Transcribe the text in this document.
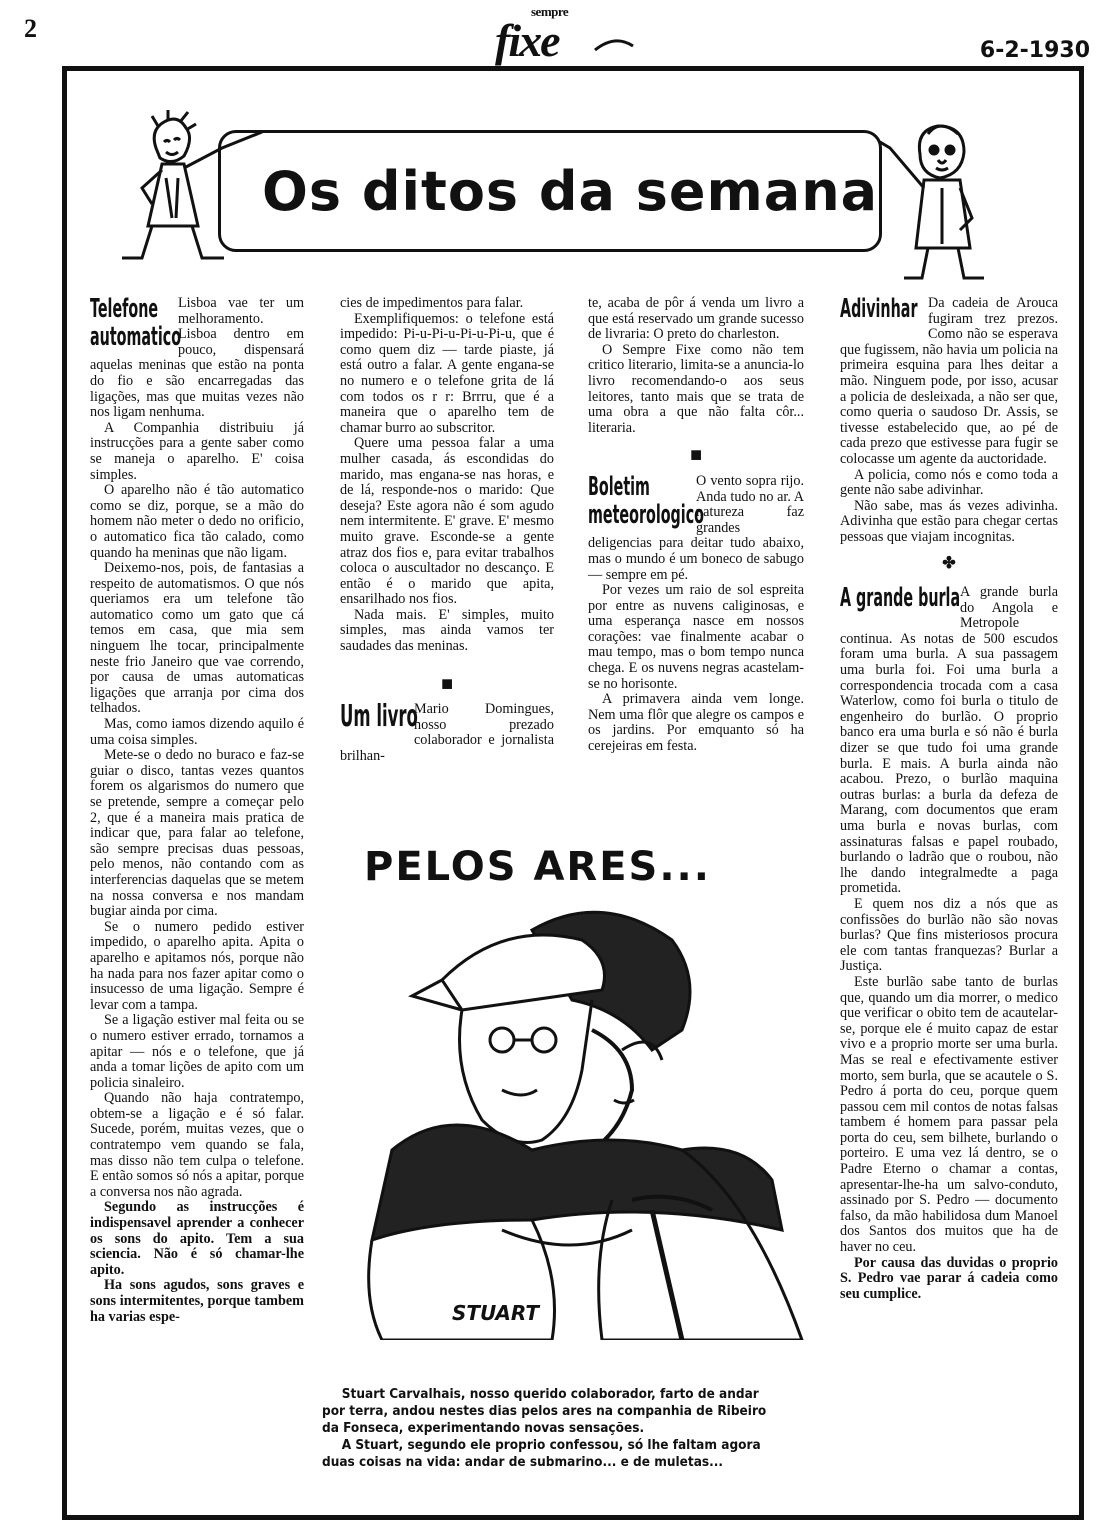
2
sempre
fixe	6-2-1930
Os ditos da semana
Telefone
automatico

Lisboa vae ter um melhoramento. Lisboa dentro em pouco, dispensará aquelas meninas que estão na ponta do fio e são encarregadas das ligações, mas que muitas vezes não nos ligam nenhuma.

A Companhia distribuiu já instrucções para a gente saber como se maneja o aparelho. E' coisa simples.

O aparelho não é tão automatico como se diz, porque, se a mão do homem não meter o dedo no orificio, o automatico fica tão calado, como quando ha meninas que não ligam.

Deixemo-nos, pois, de fantasias a respeito de automatismos. O que nós queriamos era um telefone tão automatico como um gato que cá temos em casa, que mia sem ninguem lhe tocar, principalmente neste frio Janeiro que vae correndo, por causa de umas automaticas ligações que arranja por cima dos telhados.

Mas, como iamos dizendo aquilo é uma coisa simples.

Mete-se o dedo no buraco e faz-se guiar o disco, tantas vezes quantos forem os algarismos do numero que se pretende, sempre a começar pelo 2, que é a maneira mais pratica de indicar que, para falar ao telefone, são sempre precisas duas pessoas, pelo menos, não contando com as interferencias daquelas que se metem na nossa conversa e nos mandam bugiar ainda por cima.

Se o numero pedido estiver impedido, o aparelho apita. Apita o aparelho e apitamos nós, porque não ha nada para nos fazer apitar como o insucesso de uma ligação. Sempre é levar com a tampa.

Se a ligação estiver mal feita ou se o numero estiver errado, tornamos a apitar — nós e o telefone, que já anda a tomar lições de apito com um policia sinaleiro.

Quando não haja contratempo, obtem-se a ligação e é só falar. Sucede, porém, muitas vezes, que o contratempo vem quando se fala, mas disso não tem culpa o telefone. E então somos só nós a apitar, porque a conversa nos não agrada.

Segundo as instrucções é indispensavel aprender a conhecer os sons do apito. Tem a sua sciencia. Não é só chamar-lhe apito.

Ha sons agudos, sons graves e sons intermitentes, porque tambem ha varias espe-

cies de impedimentos para falar.

Exemplifiquemos: o telefone está impedido: Pi-u-Pi-u-Pi-u-Pi-u, que é como quem diz — tarde piaste, já está outro a falar. A gente engana-se no numero e o telefone grita de lá com todos os r r: Brrru, que é a maneira que o aparelho tem de chamar burro ao subscritor.

Quere uma pessoa falar a uma mulher casada, ás escondidas do marido, mas engana-se nas horas, e de lá, responde-nos o marido: Que deseja? Este agora não é som agudo nem intermitente. E' grave. E' mesmo muito grave. Esconde-se a gente atraz dos fios e, para evitar trabalhos coloca o auscultador no descanço. E então é o marido que apita, ensarilhado nos fios.

Nada mais. E' simples, muito simples, mas ainda vamos ter saudades das meninas.

■
Um livro

Mario Domingues, nosso prezado colaborador e jornalista brilhan-

te, acaba de pôr á venda um livro a que está reservado um grande sucesso de livraria: O preto do charleston.

O Sempre Fixe como não tem critico literario, limita-se a anuncia-lo livro recomendando-o aos seus leitores, tanto mais que se trata de uma obra a que não falta côr... literaria.

■
Boletim
meteorologico

O vento sopra rijo. Anda tudo no ar. A natureza faz grandes deligencias para deitar tudo abaixo, mas o mundo é um boneco de sabugo — sempre em pé.

Por vezes um raio de sol espreita por entre as nuvens caliginosas, e uma esperança nasce em nossos corações: vae finalmente acabar o mau tempo, mas o bom tempo nunca chega. E os nuvens negras acastelam-se no horisonte.

A primavera ainda vem longe. Nem uma flôr que alegre os campos e os jardins. Por emquanto só ha cerejeiras em festa.

Adivinhar Da cadeia de Arouca fugiram trez prezos. Como não se esperava que fugissem, não havia um policia na primeira esquina para lhes deitar a mão. Ninguem pode, por isso, acusar a policia de desleixada, a não ser que, como queria o saudoso Dr. Assis, se tivesse estabelecido que, ao pé de cada prezo que estivesse para fugir se colocasse um agente da auctoridade.

A policia, como nós e como toda a gente não sabe adivinhar.

Não sabe, mas ás vezes adivinha. Adivinha que estão para chegar certas pessoas que viajam incognitas.

✤
A grande burla A grande burla do Angola e Metropole continua. As notas de 500 escudos foram uma burla. A sua passagem uma burla foi. Foi uma burla a correspondencia trocada com a casa Waterlow, como foi burla o titulo de engenheiro do burlão. O proprio banco era uma burla e só não é burla dizer se que tudo foi uma grande burla. E mais. A burla ainda não acabou. Prezo, o burlão maquina outras burlas: a burla da defeza de Marang, com documentos que eram uma burla e novas burlas, com assinaturas falsas e papel roubado, burlando o ladrão que o roubou, não lhe dando integralmedte a paga prometida.

E quem nos diz a nós que as confissões do burlão não são novas burlas? Que fins misteriosos procura ele com tantas franquezas? Burlar a Justiça.

Este burlão sabe tanto de burlas que, quando um dia morrer, o medico que verificar o obito tem de acautelar-se, porque ele é muito capaz de estar vivo e a proprio morte ser uma burla. Mas se real e efectivamente estiver morto, sem burla, que se acautele o S. Pedro á porta do ceu, porque quem passou cem mil contos de notas falsas tambem é homem para passar pela porta do ceu, sem bilhete, burlando o porteiro. E uma vez lá dentro, se o Padre Eterno o chamar a contas, apresentar-lhe-ha um salvo-conduto, assinado por S. Pedro — documento falso, da mão habilidosa dum Manoel dos Santos dos muitos que ha de haver no ceu.

Por causa das duvidas o proprio S. Pedro vae parar á cadeia como seu cumplice.

PELOS ARES...
STUART

Stuart Carvalhais, nosso querido colaborador, farto de andar por terra, andou nestes dias pelos ares na companhia de Ribeiro da Fonseca, experimentando novas sensações.

A Stuart, segundo ele proprio confessou, só lhe faltam agora duas coisas na vida: andar de submarino... e de muletas...
